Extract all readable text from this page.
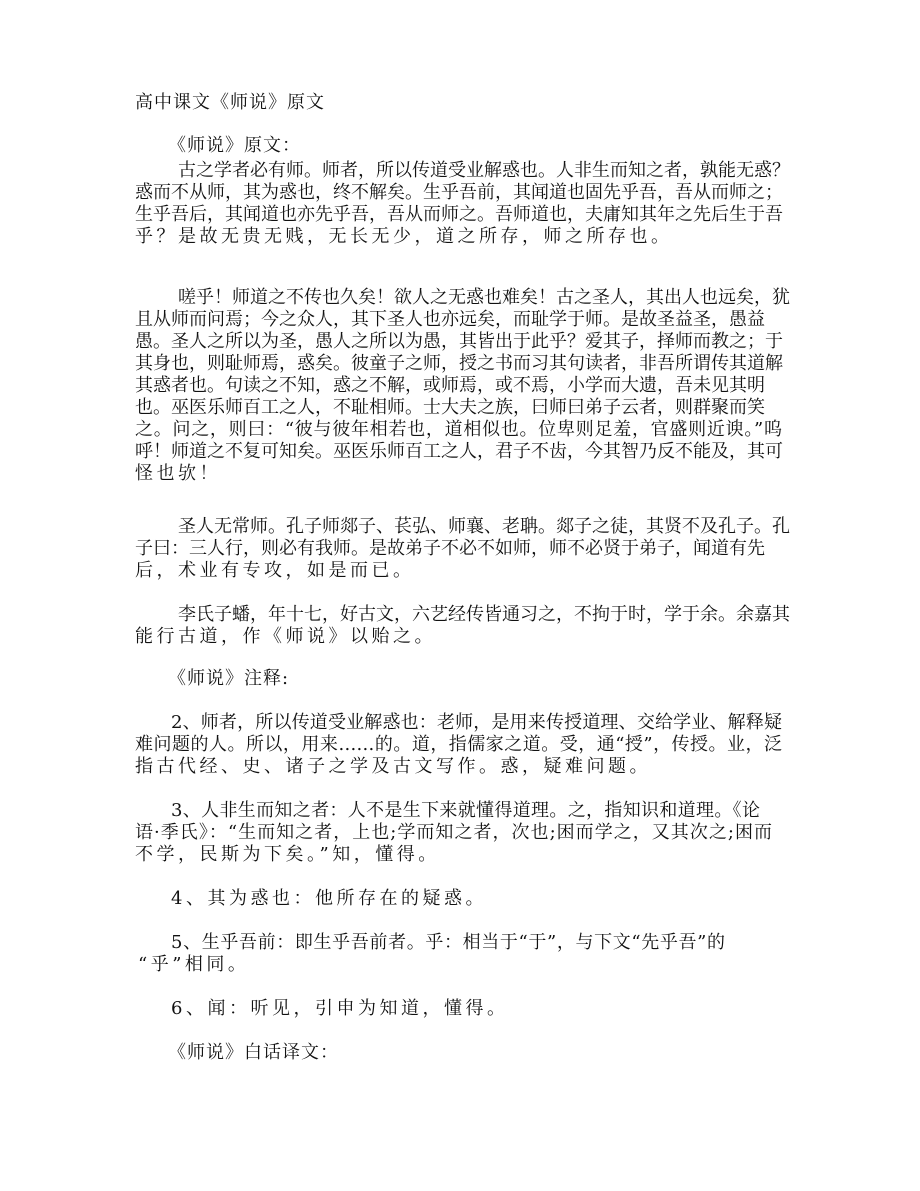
高中课文《师说》原文
《师说》原文：
古之学者必有师。师者，所以传道受业解惑也。人非生而知之者，孰能无惑？
惑而不从师，其为惑也，终不解矣。生乎吾前，其闻道也固先乎吾，吾从而师之；
生乎吾后，其闻道也亦先乎吾，吾从而师之。吾师道也，夫庸知其年之先后生于吾
乎？是故无贵无贱，无长无少，道之所存，师之所存也。
嗟乎！师道之不传也久矣！欲人之无惑也难矣！古之圣人，其出人也远矣，犹
且从师而问焉；今之众人，其下圣人也亦远矣，而耻学于师。是故圣益圣，愚益
愚。圣人之所以为圣，愚人之所以为愚，其皆出于此乎？爱其子，择师而教之；于
其身也，则耻师焉，惑矣。彼童子之师，授之书而习其句读者，非吾所谓传其道解
其惑者也。句读之不知，惑之不解，或师焉，或不焉，小学而大遗，吾未见其明
也。巫医乐师百工之人，不耻相师。士大夫之族，曰师曰弟子云者，则群聚而笑
之。问之，则曰：“彼与彼年相若也，道相似也。位卑则足羞，官盛则近谀。”呜
呼！师道之不复可知矣。巫医乐师百工之人，君子不齿，今其智乃反不能及，其可
怪也欤！
圣人无常师。孔子师郯子、苌弘、师襄、老聃。郯子之徒，其贤不及孔子。孔
子曰：三人行，则必有我师。是故弟子不必不如师，师不必贤于弟子，闻道有先
后，术业有专攻，如是而已。
李氏子蟠，年十七，好古文，六艺经传皆通习之，不拘于时，学于余。余嘉其
能行古道，作《师说》以贻之。
《师说》注释:
2、师者，所以传道受业解惑也：老师，是用来传授道理、交给学业、解释疑
难问题的人。所以，用来……的。道，指儒家之道。受，通“授”，传授。业，泛
指古代经、史、诸子之学及古文写作。惑，疑难问题。
3、人非生而知之者：人不是生下来就懂得道理。之，指知识和道理。《论
语·季氏》：“生而知之者，上也;学而知之者，次也;困而学之，又其次之;困而
不学，民斯为下矣。”知，懂得。
4、其为惑也：他所存在的疑惑。
5、生乎吾前：即生乎吾前者。乎：相当于“于”，与下文“先乎吾”的
“乎”相同。
6、闻：听见，引申为知道，懂得。
《师说》白话译文：
